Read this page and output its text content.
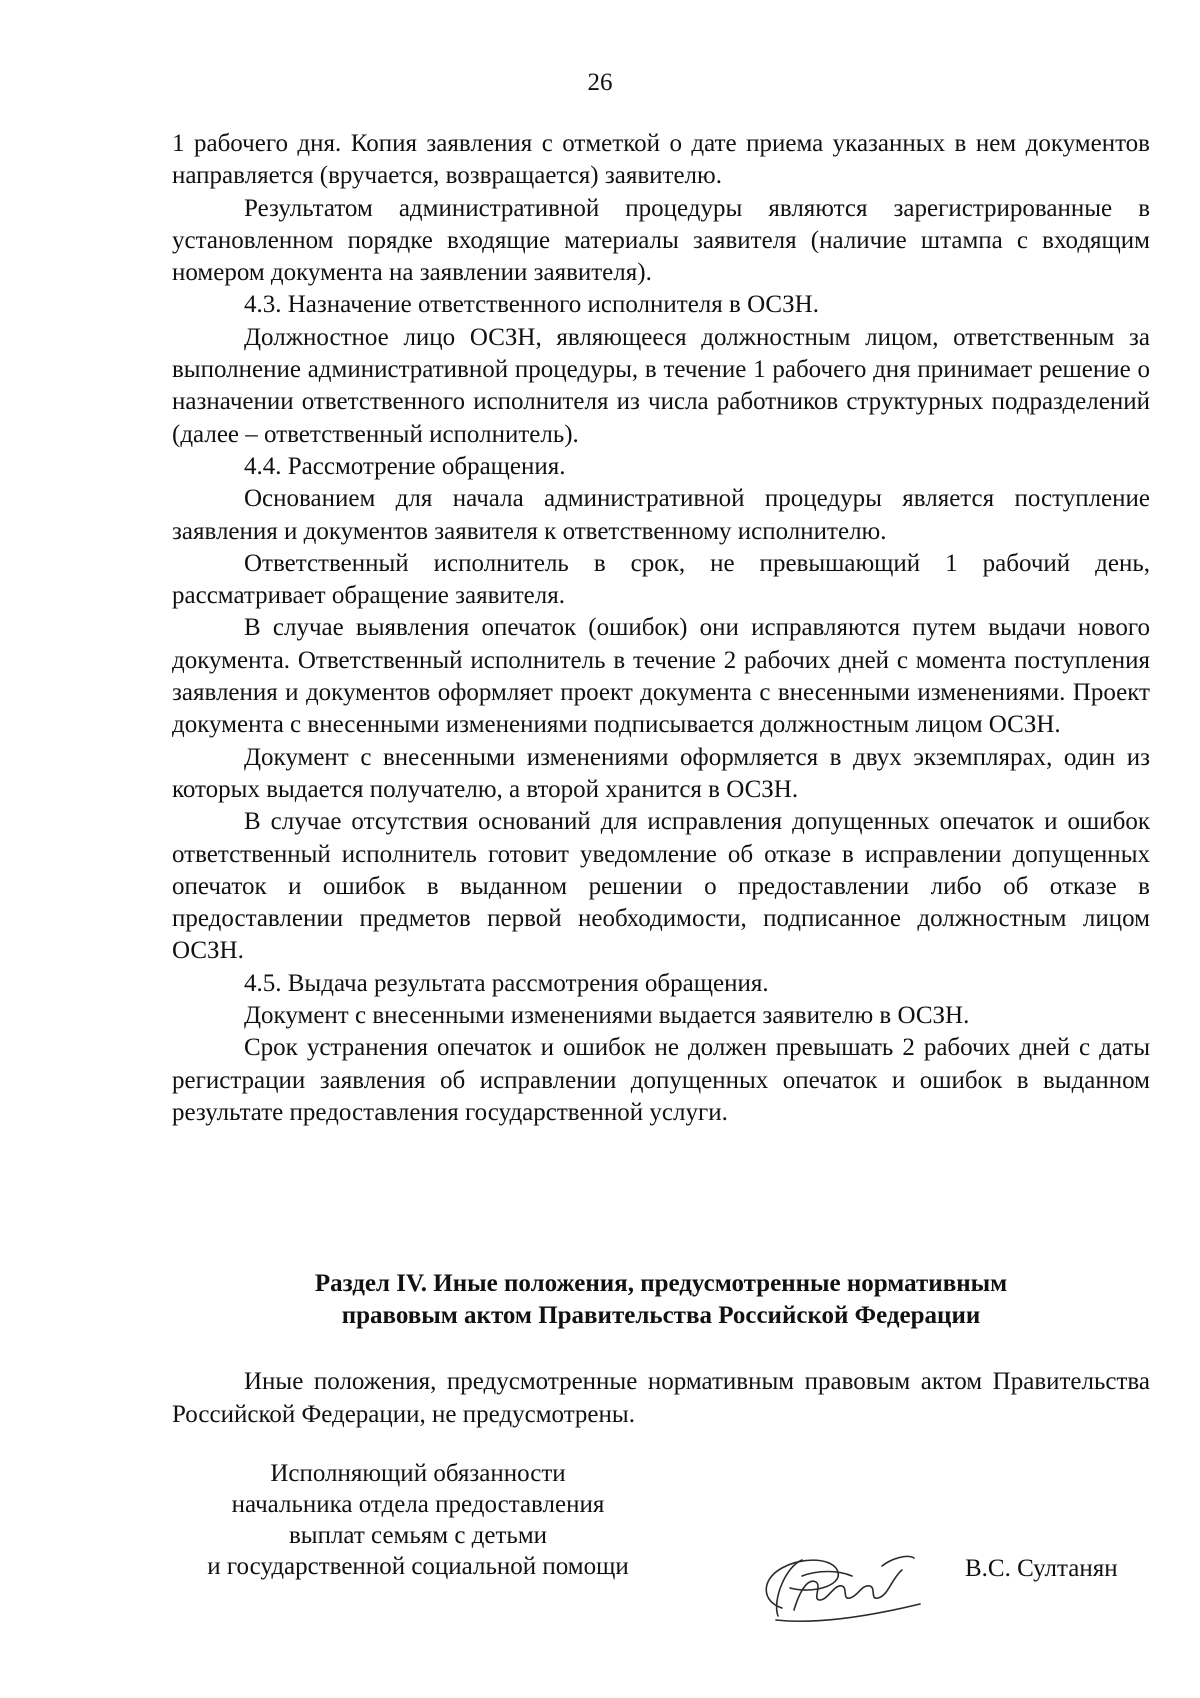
26

1 рабочего дня. Копия заявления с отметкой о дате приема указанных в нем документов направляется (вручается, возвращается) заявителю.

Результатом административной процедуры являются зарегистрированные в установленном порядке входящие материалы заявителя (наличие штампа с входящим номером документа на заявлении заявителя).

4.3. Назначение ответственного исполнителя в ОСЗН.

Должностное лицо ОСЗН, являющееся должностным лицом, ответственным за выполнение административной процедуры, в течение 1 рабочего дня принимает решение о назначении ответственного исполнителя из числа работников структурных подразделений (далее – ответственный исполнитель).

4.4. Рассмотрение обращения.

Основанием для начала административной процедуры является поступление заявления и документов заявителя к ответственному исполнителю.

Ответственный исполнитель в срок, не превышающий 1 рабочий день, рассматривает обращение заявителя.

В случае выявления опечаток (ошибок) они исправляются путем выдачи нового документа. Ответственный исполнитель в течение 2 рабочих дней с момента поступления заявления и документов оформляет проект документа с внесенными изменениями. Проект документа с внесенными изменениями подписывается должностным лицом ОСЗН.

Документ с внесенными изменениями оформляется в двух экземплярах, один из которых выдается получателю, а второй хранится в ОСЗН.

В случае отсутствия оснований для исправления допущенных опечаток и ошибок ответственный исполнитель готовит уведомление об отказе в исправлении допущенных опечаток и ошибок в выданном решении о предоставлении либо об отказе в предоставлении предметов первой необходимости, подписанное должностным лицом ОСЗН.

4.5. Выдача результата рассмотрения обращения.

Документ с внесенными изменениями выдается заявителю в ОСЗН.

Срок устранения опечаток и ошибок не должен превышать 2 рабочих дней с даты регистрации заявления об исправлении допущенных опечаток и ошибок в выданном результате предоставления государственной услуги.

Раздел IV. Иные положения, предусмотренные нормативным
правовым актом Правительства Российской Федерации

Иные положения, предусмотренные нормативным правовым актом Правительства Российской Федерации, не предусмотрены.

Исполняющий обязанности
начальника отдела предоставления
выплат семьям с детьми
и государственной социальной помощи	В.С. Султанян
